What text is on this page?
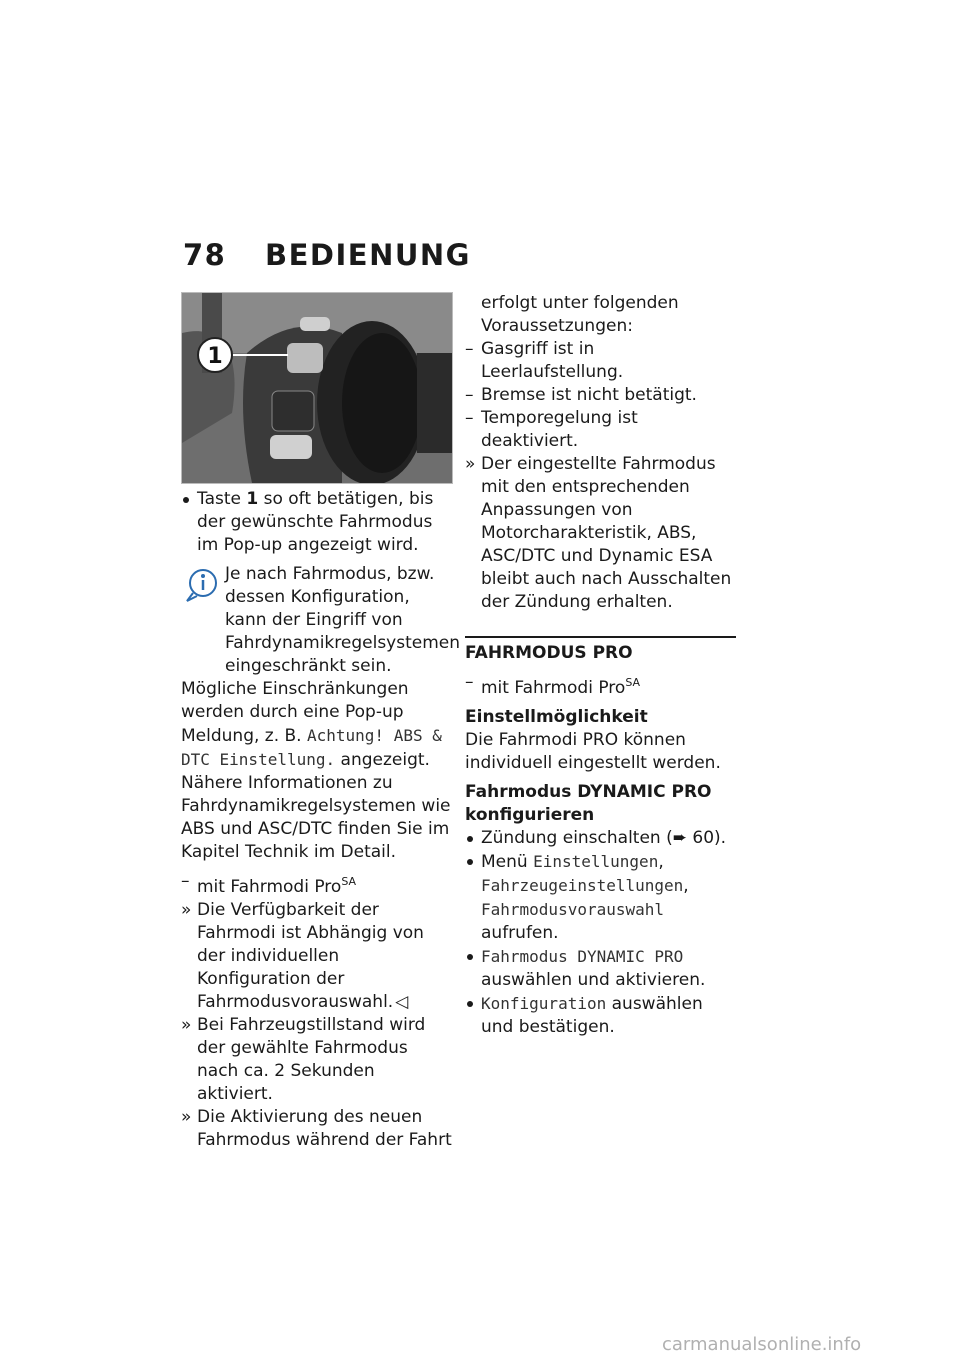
78 BEDIENUNG
1

Taste 1 so oft betätigen, bis der gewünschte Fahrmodus im Pop-up angezeigt wird.

Je nach Fahrmodus, bzw. dessen Konfiguration, kann der Eingriff von Fahrdynamikregelsystemen eingeschränkt sein.

Mögliche Einschränkungen werden durch eine Pop-up Meldung, z. B. Achtung! ABS & DTC Einstellung. angezeigt.

Nähere Informationen zu Fahrdynamikregelsystemen wie ABS und ASC/DTC finden Sie im Kapitel Technik im Detail.

– mit Fahrmodi Pro$^{SA}$

» Die Verfügbarkeit der Fahrmodi ist Abhängig von der individuellen Konfiguration der Fahrmodusvorauswahl. ◁

» Bei Fahrzeugstillstand wird der gewählte Fahrmodus nach ca. 2 Sekunden aktiviert.

» Die Aktivierung des neuen Fahrmodus während der Fahrt

erfolgt unter folgenden Voraussetzungen:

– Gasgriff ist in Leerlaufstellung.

– Bremse ist nicht betätigt.

– Temporegelung ist deaktiviert.

» Der eingestellte Fahrmodus mit den entsprechenden Anpassungen von Motorcharakteristik, ABS, ASC/DTC und Dynamic ESA bleibt auch nach Ausschalten der Zündung erhalten.

FAHRMODUS PRO

– mit Fahrmodi Pro$^{SA}$

Einstellmöglichkeit

Die Fahrmodi PRO können individuell eingestellt werden.

Fahrmodus DYNAMIC PRO konfigurieren

Zündung einschalten (➨ 60).

Menü Einstellungen,
Fahrzeugeinstellungen,
Fahrmodusvorauswahl
aufrufen.

Fahrmodus DYNAMIC PRO
auswählen und aktivieren.

Konfiguration auswählen und bestätigen.

carmanualsonline.info
